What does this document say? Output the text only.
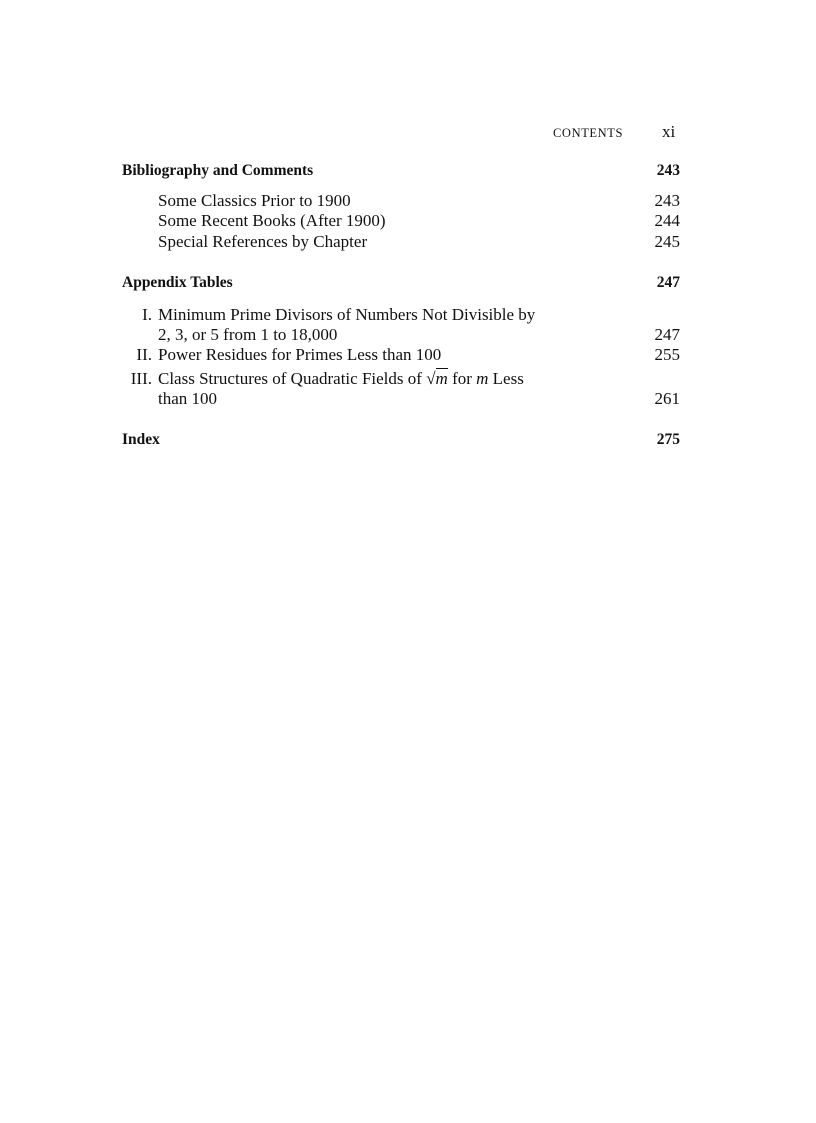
CONTENTS xi
Bibliography and Comments	243
Some Classics Prior to 1900	243
Some Recent Books (After 1900)	244
Special References by Chapter	245
Appendix Tables	247
I. Minimum Prime Divisors of Numbers Not Divisible by
2, 3, or 5 from 1 to 18,000	247
II. Power Residues for Primes Less than 100	255
III. Class Structures of Quadratic Fields of
√m for m Less
than 100	261
Index	275
